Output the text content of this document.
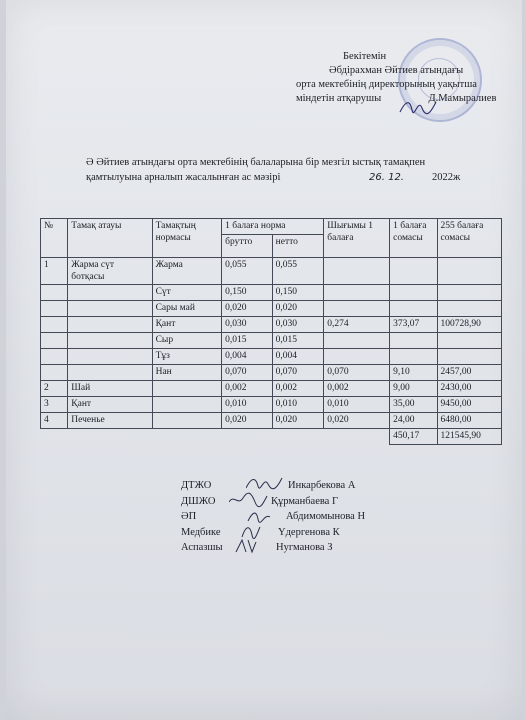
Бекітемін
Әбдірахман Әйтиев атындағы
орта мектебінің директорының уақытша
міндетін атқарушы	Д.Мамыралиев
Ә Әйтиев атындағы орта мектебінің балаларына бір мезгіл ыстық тамақпен
қамтылуына арналып жасалынған ас мәзірі	26. 12.	2022ж
№	Тамақ атауы	Тамақтың нормасы	1 балаға норма		Шығымы 1 балаға	1 балаға сомасы	255 балаға сомасы
			брутто	нетто			
1	Жарма сүт ботқасы	Жарма	0,055	0,055			
		Сүт	0,150	0,150			
		Сары май	0,020	0,020			
		Қант	0,030	0,030	0,274	373,07	100728,90
		Сыр	0,015	0,015			
		Тұз	0,004	0,004			
		Нан	0,070	0,070	0,070	9,10	2457,00
2	Шай		0,002	0,002	0,002	9,00	2430,00
3	Қант		0,010	0,010	0,010	35,00	9450,00
4	Печенье		0,020	0,020	0,020	24,00	6480,00
						450,17	121545,90
ДТЖО	Инкарбекова А
ДШЖО	Құрманбаева Г
ӘП	Абдимомынова Н
Медбике	Үдергенова К
Аспазшы	Нугманова З
